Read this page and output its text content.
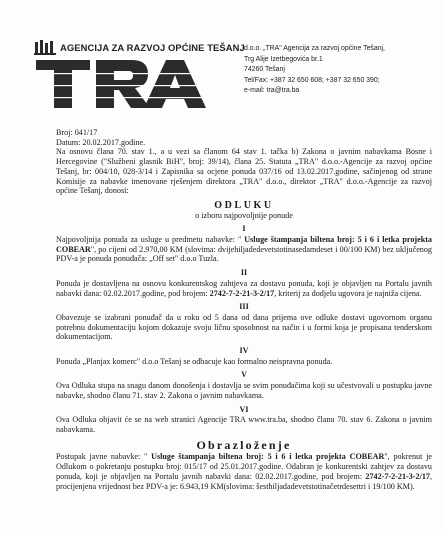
AGENCIJA ZA RAZVOJ OPĆINE TEŠANJ d.o.o. „TRA" Agencija za razvoj općine Tešanj,
Trg Alije Izetbegovića br.1
74260 Tešanj
Tel/Fax: +387 32 650 608; +387 32 650 390;
e-mail: tra@tra.ba
Broj: 041/17
Datum: 20.02.2017.godine.

Na osnovu člana 70. stav 1., a u vezi sa članom 64 stav 1. tačka b) Zakona o javnim nabavkama Bosne i Hercegovine ("Službeni glasnik BiH", broj: 39/14), člana 25. Statuta „TRA" d.o.o.-Agencije za razvoj općine Tešanj, br: 004/10, 028-3/14 i Zapisnika sa ocjene ponuda 037/16 od 13.02.2017.godine, sačinjenog od strane Komisije za nabavke imenovane rješenjem direktora „TRA" d.o.o., direktor „TRA" d.o.o.-Agencije za razvoj općine Tešanj, donosi:

ODLUKU
o izboru najpovoljnije ponude
I

Najpovoljnija ponuda za usluge u predmetu nabavke: " Usluge štampanja biltena broj: 5 i 6 i letka projekta COBEAR", po cijeni od 2.970,00 KM (slovima: dvijehiljadedevetstotinasedamdeset i 00/100 KM) bez uključenog PDV-a je ponuda ponuđača: „Off set" d.o.o Tuzla.

II

Ponuda je dostavljena na osnovu konkurentskog zahtjeva za dostavu ponuda, koji je objavljen na Portalu javnih nabavki dana: 02.02.2017.godine, pod brojem: 2742-7-2-21-3-2/17, kriterij za dodjelu ugovora je najniža cijena.

III

Obavezuje se izabrani ponuđač da u roku od 5 dana od dana prijema ove odluke dostavi ugovornom organu potrebnu dokumentaciju kojom dokazuje svoju ličnu sposobnost na način i u formi koja je propisana tenderskom dokumentacijom.

IV

Ponuda „Planjax komerc" d.o.o Tešanj se odbacuje kao formalno neispravna ponuda.

V

Ova Odluka stupa na snagu danom donošenja i dostavlja se svim ponuđačima koji su učestvovali u postupku javne nabavke, shodno članu 71. stav 2. Zakona o javnim nabavkama.

VI

Ova Odluka objavit će se na web stranici Agencije TRA www.tra.ba, shodno članu 70. stav 6. Zakona o javnim nabavkama.

Obrazloženje

Postupak javne nabavke: " Usluge štampanja biltena broj: 5 i 6 i letka projekta COBEAR", pokrenut je Odlukom o pokretanju postupku broj: 015/17 od 25.01.2017.godine. Odabran je konkurentski zahtjev za dostavu ponuda, koji je objavljen na Portalu javnih nabavki dana: 02.02.2017.godine, pod brojem: 2742-7-2-21-3-2/17, procijenjena vrijednost bez PDV-a je: 6.943,19 KM(slovima: šesthiljadadevetstotinačetrdesettri i 19/100 KM).
